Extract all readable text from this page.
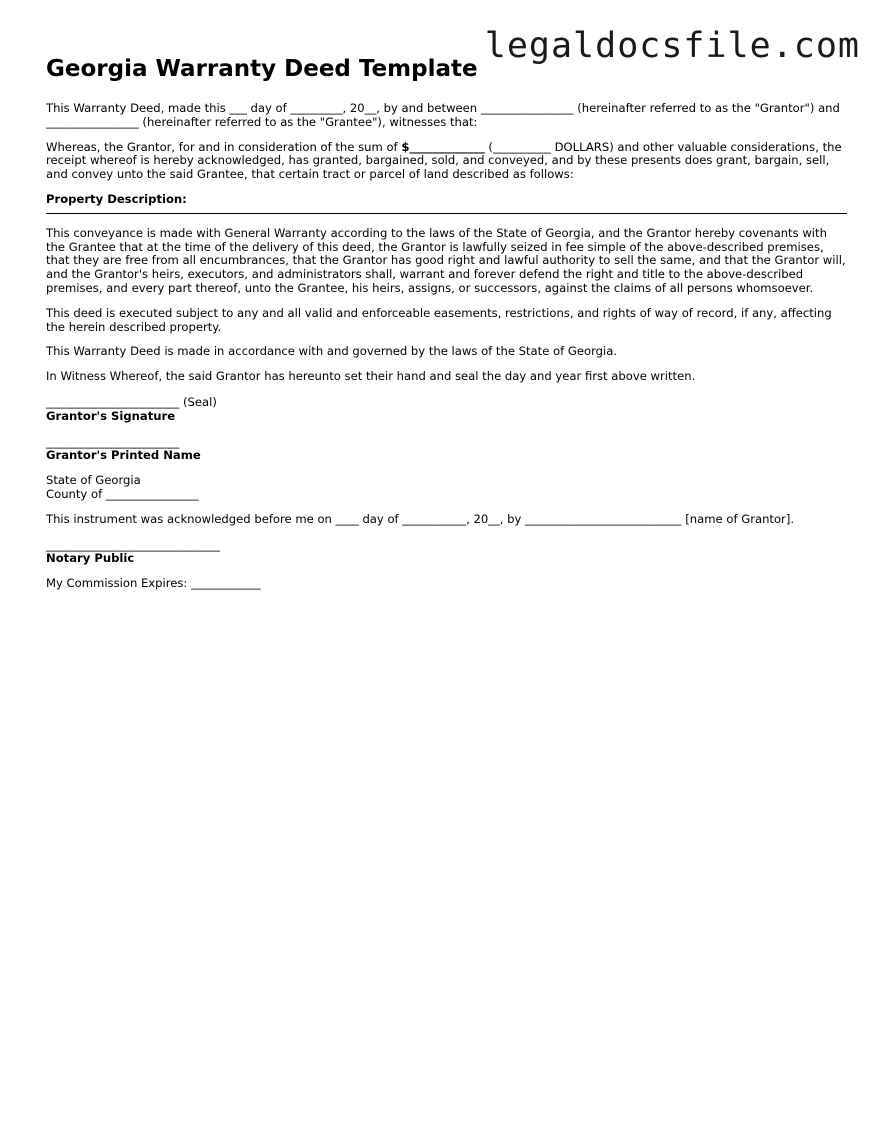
legaldocsfile.com
Georgia Warranty Deed Template

This Warranty Deed, made this ___ day of _________, 20__, by and between ________________ (hereinafter referred to as the "Grantor") and ________________ (hereinafter referred to as the "Grantee"), witnesses that:

Whereas, the Grantor, for and in consideration of the sum of $_____________ (__________ DOLLARS) and other valuable considerations, the receipt whereof is hereby acknowledged, has granted, bargained, sold, and conveyed, and by these presents does grant, bargain, sell, and convey unto the said Grantee, that certain tract or parcel of land described as follows:

Property Description:

This conveyance is made with General Warranty according to the laws of the State of Georgia, and the Grantor hereby covenants with the Grantee that at the time of the delivery of this deed, the Grantor is lawfully seized in fee simple of the above-described premises, that they are free from all encumbrances, that the Grantor has good right and lawful authority to sell the same, and that the Grantor will, and the Grantor's heirs, executors, and administrators shall, warrant and forever defend the right and title to the above-described premises, and every part thereof, unto the Grantee, his heirs, assigns, or successors, against the claims of all persons whomsoever.

This deed is executed subject to any and all valid and enforceable easements, restrictions, and rights of way of record, if any, affecting the herein described property.

This Warranty Deed is made in accordance with and governed by the laws of the State of Georgia.

In Witness Whereof, the said Grantor has hereunto set their hand and seal the day and year first above written.

_______________________ (Seal)

Grantor's Signature

_______________________

Grantor's Printed Name

State of Georgia
County of ________________

This instrument was acknowledged before me on ____ day of ___________, 20__, by ___________________________ [name of Grantor].

______________________________

Notary Public

My Commission Expires: ____________
